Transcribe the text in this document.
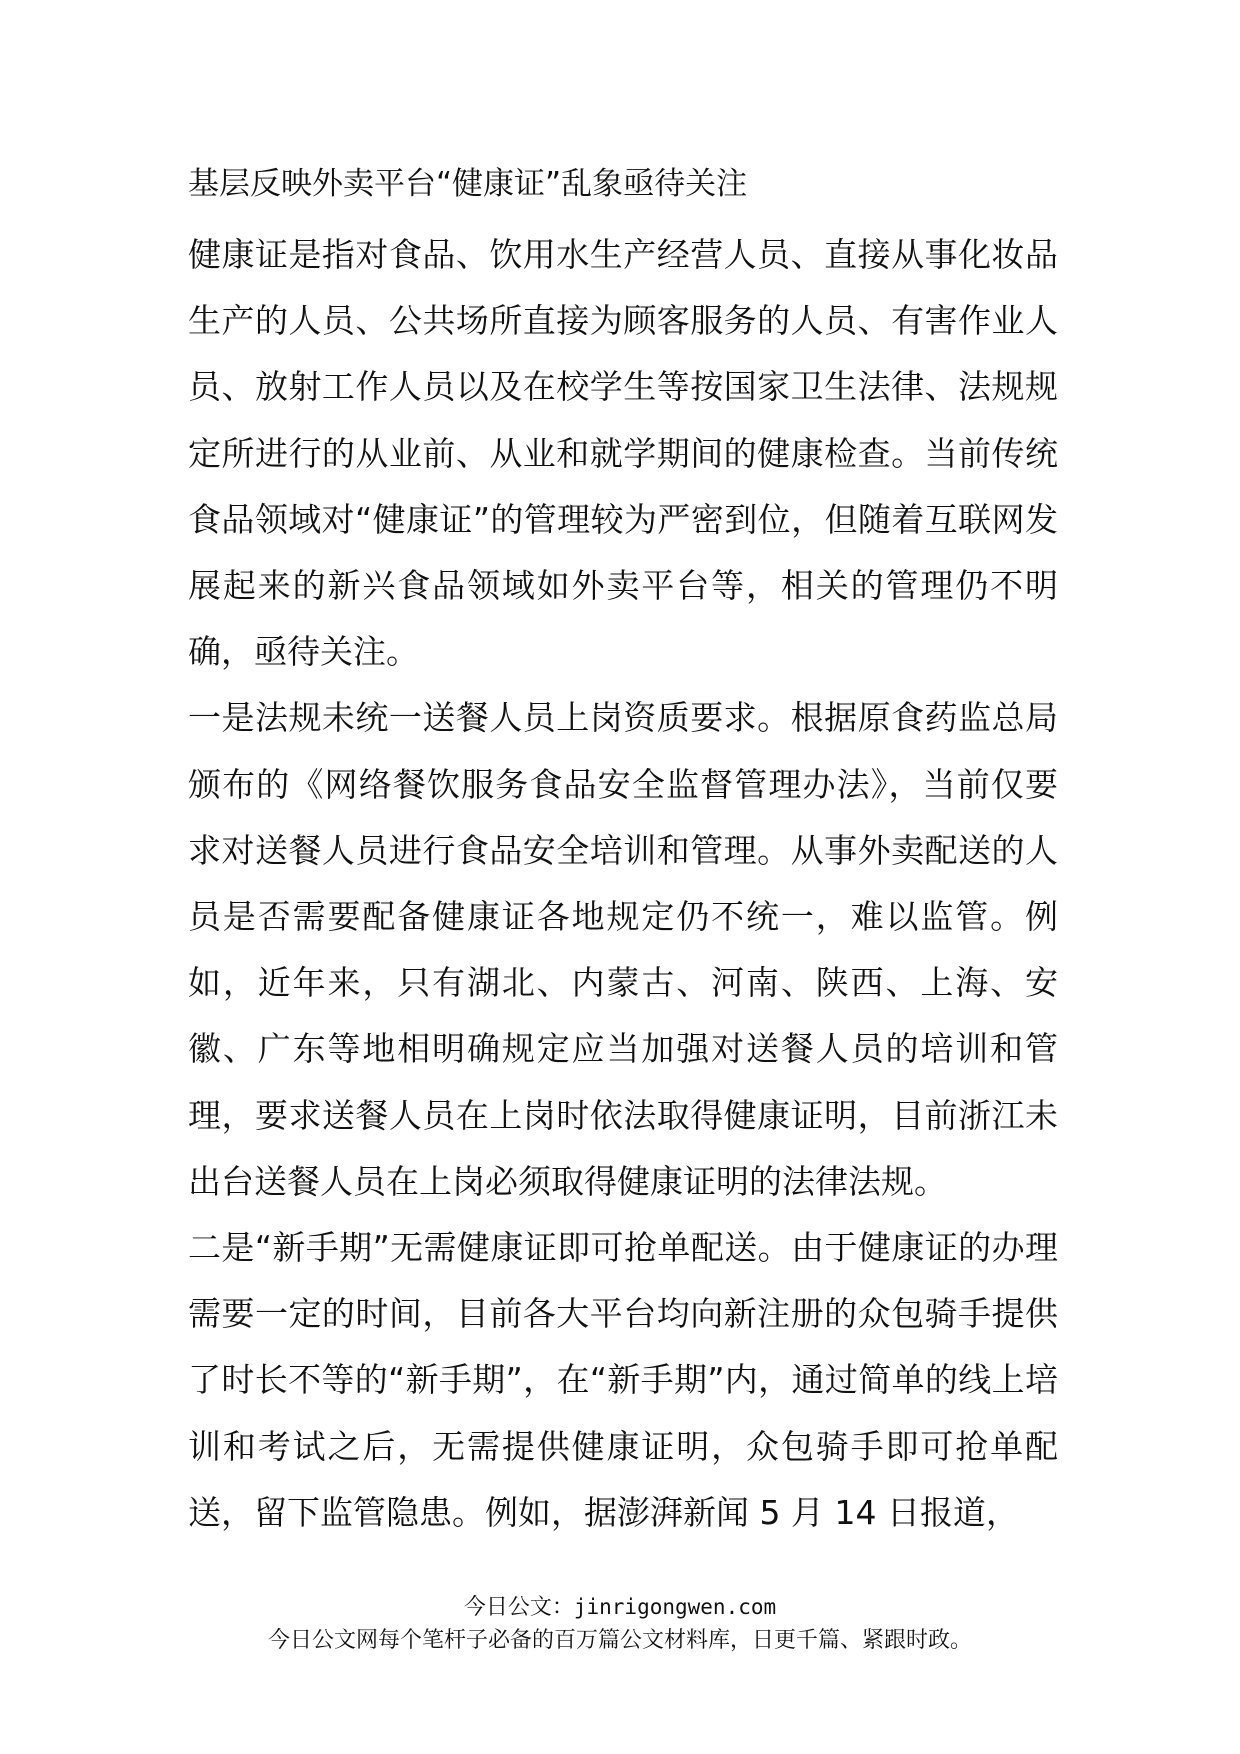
基层反映外卖平台“健康证”乱象亟待关注

健康证是指对食品、饮用水生产经营人员、直接从事化妆品生产的人员、公共场所直接为顾客服务的人员、有害作业人员、放射工作人员以及在校学生等按国家卫生法律、法规规定所进行的从业前、从业和就学期间的健康检查。当前传统食品领域对“健康证”的管理较为严密到位，但随着互联网发展起来的新兴食品领域如外卖平台等，相关的管理仍不明确，亟待关注。

一是法规未统一送餐人员上岗资质要求。根据原食药监总局颁布的《网络餐饮服务食品安全监督管理办法》，当前仅要求对送餐人员进行食品安全培训和管理。从事外卖配送的人员是否需要配备健康证各地规定仍不统一，难以监管。例如，近年来，只有湖北、内蒙古、河南、陕西、上海、安徽、广东等地相明确规定应当加强对送餐人员的培训和管理，要求送餐人员在上岗时依法取得健康证明，目前浙江未出台送餐人员在上岗必须取得健康证明的法律法规。

二是“新手期”无需健康证即可抢单配送。由于健康证的办理需要一定的时间，目前各大平台均向新注册的众包骑手提供了时长不等的“新手期”，在“新手期”内，通过简单的线上培训和考试之后，无需提供健康证明，众包骑手即可抢单配送，留下监管隐患。例如，据澎湃新闻 5 月 14 日报道，

今日公文：jinrigongwen.com
今日公文网每个笔杆子必备的百万篇公文材料库，日更千篇、紧跟时政。
